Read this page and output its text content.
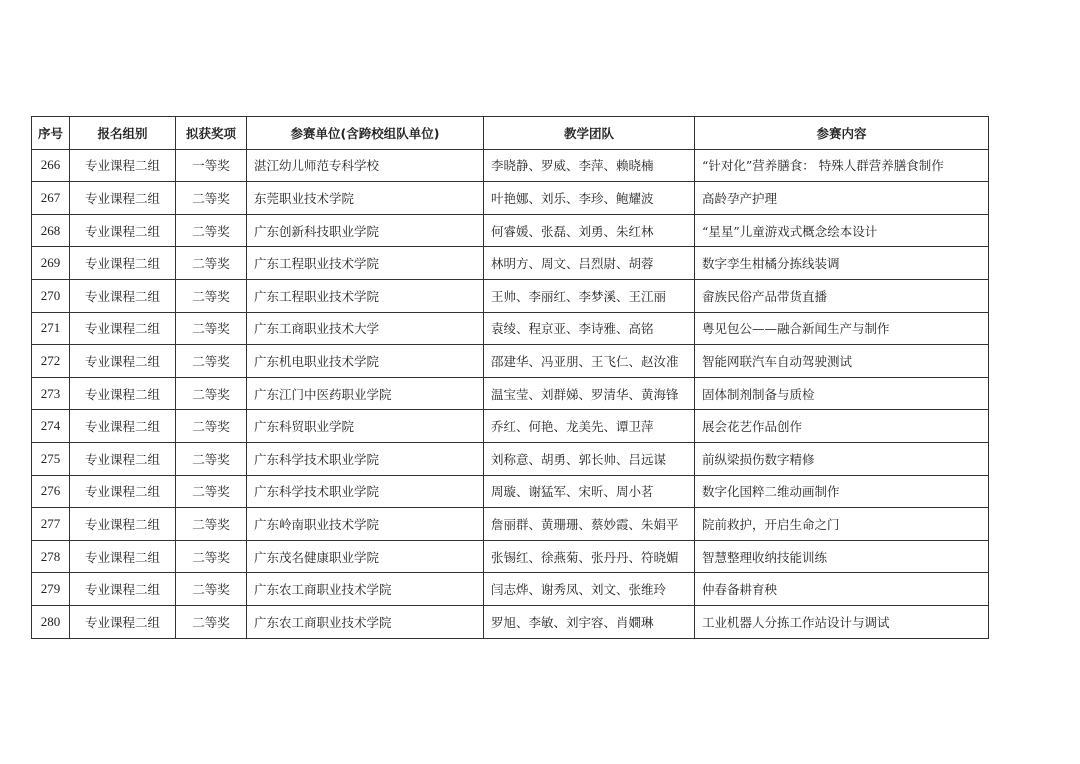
序号	报名组别	拟获奖项	参赛单位(含跨校组队单位)	教学团队	参赛内容
266	专业课程二组	一等奖	湛江幼儿师范专科学校	李晓静、罗威、李萍、赖晓楠	“针对化”营养膳食： 特殊人群营养膳食制作
267	专业课程二组	二等奖	东莞职业技术学院	叶艳娜、刘乐、李珍、鲍耀波	高龄孕产护理
268	专业课程二组	二等奖	广东创新科技职业学院	何睿媛、张磊、刘勇、朱红林	“星星”儿童游戏式概念绘本设计
269	专业课程二组	二等奖	广东工程职业技术学院	林明方、周文、吕烈尉、胡蓉	数字孪生柑橘分拣线装调
270	专业课程二组	二等奖	广东工程职业技术学院	王帅、李丽红、李梦溪、王江丽	畲族民俗产品带货直播
271	专业课程二组	二等奖	广东工商职业技术大学	袁绫、程京亚、李诗雅、高铭	粤见包公——融合新闻生产与制作
272	专业课程二组	二等奖	广东机电职业技术学院	邵建华、冯亚朋、王飞仁、赵汝准	智能网联汽车自动驾驶测试
273	专业课程二组	二等奖	广东江门中医药职业学院	温宝莹、刘群娣、罗清华、黄海锋	固体制剂制备与质检
274	专业课程二组	二等奖	广东科贸职业学院	乔红、何艳、龙美先、谭卫萍	展会花艺作品创作
275	专业课程二组	二等奖	广东科学技术职业学院	刘称意、胡勇、郭长帅、吕远谋	前纵梁损伤数字精修
276	专业课程二组	二等奖	广东科学技术职业学院	周璇、谢猛军、宋昕、周小茗	数字化国粹二维动画制作
277	专业课程二组	二等奖	广东岭南职业技术学院	詹丽群、黄珊珊、蔡妙霞、朱娟平	院前救护，开启生命之门
278	专业课程二组	二等奖	广东茂名健康职业学院	张锡红、徐燕菊、张丹丹、符晓媚	智慧整理收纳技能训练
279	专业课程二组	二等奖	广东农工商职业技术学院	闫志烨、谢秀凤、刘文、张维玲	仲春备耕育秧
280	专业课程二组	二等奖	广东农工商职业技术学院	罗旭、李敏、刘宇容、肖嫺琳	工业机器人分拣工作站设计与调试
